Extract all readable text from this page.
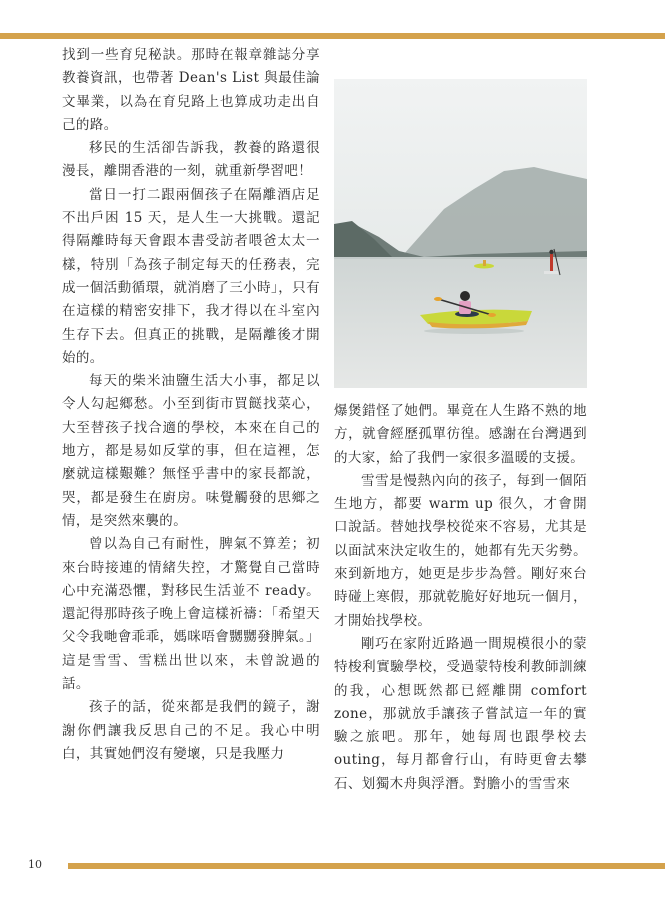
找到一些育兒秘訣。那時在報章雜誌分享教養資訊，也帶著 Dean's List 與最佳論文畢業，以為在育兒路上也算成功走出自己的路。

移民的生活卻告訴我，教養的路還很漫長，離開香港的一刻，就重新學習吧！

當日一打二跟兩個孩子在隔離酒店足不出戶困 15 天，是人生一大挑戰。還記得隔離時每天會跟本書受訪者喂爸太太一樣，特別「為孩子制定每天的任務表，完成一個活動循環，就消磨了三小時」，只有在這樣的精密安排下，我才得以在斗室內生存下去。但真正的挑戰，是隔離後才開始的。

每天的柴米油鹽生活大小事，都足以令人勾起鄉愁。小至到街市買餸找菜心，大至替孩子找合適的學校，本來在自己的地方，都是易如反掌的事，但在這裡，怎麼就這樣艱難？無怪乎書中的家長都說，哭，都是發生在廚房。味覺觸發的思鄉之情，是突然來襲的。

曾以為自己有耐性，脾氣不算差；初來台時接連的情緒失控，才驚覺自己當時心中充滿恐懼，對移民生活並不 ready。還記得那時孩子晚上會這樣祈禱：「希望天父令我哋會乖乖，媽咪唔會嬲嬲發脾氣。」這是雪雪、雪糕出世以來，未曾說過的話。

孩子的話，從來都是我們的鏡子，謝謝你們讓我反思自己的不足。我心中明白，其實她們沒有變壞，只是我壓力

爆煲錯怪了她們。畢竟在人生路不熟的地方，就會經歷孤單彷徨。感謝在台灣遇到的大家，給了我們一家很多溫暖的支援。

雪雪是慢熱內向的孩子，每到一個陌生地方，都要 warm up 很久，才會開口說話。替她找學校從來不容易，尤其是以面試來決定收生的，她都有先天劣勢。來到新地方，她更是步步為營。剛好來台時碰上寒假，那就乾脆好好地玩一個月，才開始找學校。

剛巧在家附近路過一間規模很小的蒙特梭利實驗學校，受過蒙特梭利教師訓練的我，心想既然都已經離開 comfort zone，那就放手讓孩子嘗試這一年的實驗之旅吧。那年，她每周也跟學校去 outing，每月都會行山，有時更會去攀石、划獨木舟與浮潛。對膽小的雪雪來

10
